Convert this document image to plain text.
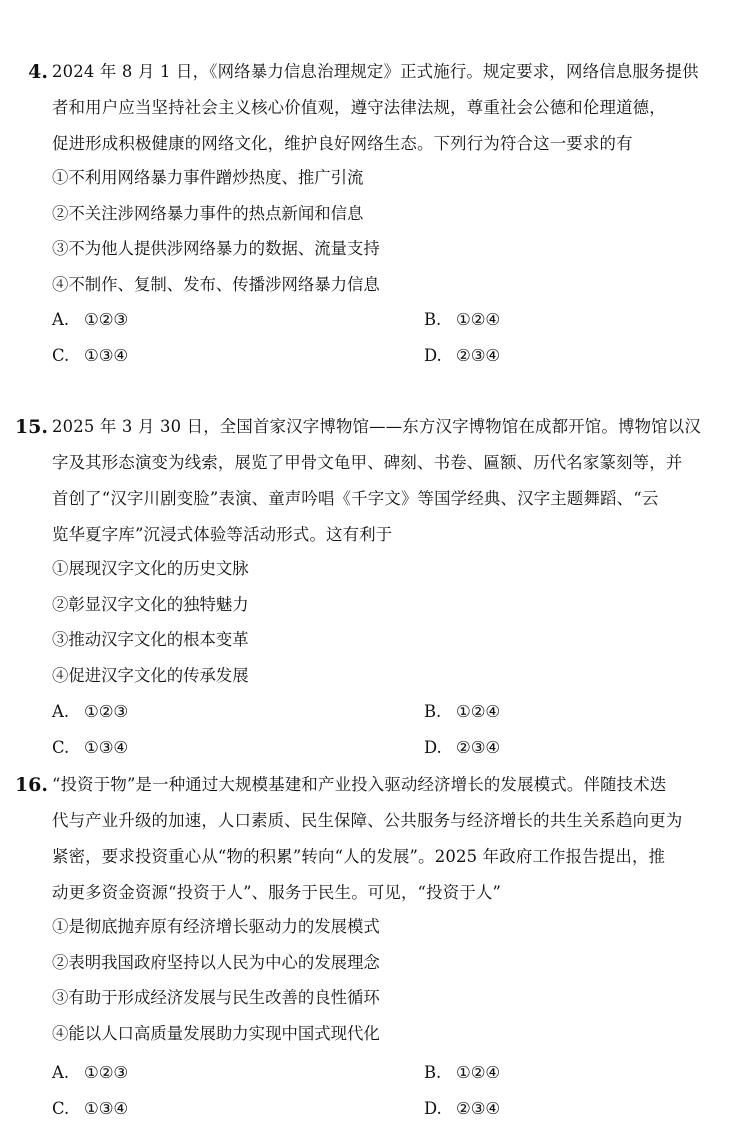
4. 2024 年 8 月 1 日，《网络暴力信息治理规定》正式施行。规定要求，网络信息服务提供
者和用户应当坚持社会主义核心价值观，遵守法律法规，尊重社会公德和伦理道德，
促进形成积极健康的网络文化，维护良好网络生态。下列行为符合这一要求的有
①不利用网络暴力事件蹭炒热度、推广引流
②不关注涉网络暴力事件的热点新闻和信息
③不为他人提供涉网络暴力的数据、流量支持
④不制作、复制、发布、传播涉网络暴力信息
A. ①②③	B. ①②④
C. ①③④	D. ②③④
15. 2025 年 3 月 30 日，全国首家汉字博物馆——东方汉字博物馆在成都开馆。博物馆以汉
字及其形态演变为线索，展览了甲骨文龟甲、碑刻、书卷、匾额、历代名家篆刻等，并
首创了“汉字川剧变脸”表演、童声吟唱《千字文》等国学经典、汉字主题舞蹈、“云
览华夏字库”沉浸式体验等活动形式。这有利于
①展现汉字文化的历史文脉
②彰显汉字文化的独特魅力
③推动汉字文化的根本变革
④促进汉字文化的传承发展
A. ①②③	B. ①②④
C. ①③④	D. ②③④
16. “投资于物”是一种通过大规模基建和产业投入驱动经济增长的发展模式。伴随技术迭
代与产业升级的加速，人口素质、民生保障、公共服务与经济增长的共生关系趋向更为
紧密，要求投资重心从“物的积累”转向“人的发展”。2025 年政府工作报告提出，推
动更多资金资源“投资于人”、服务于民生。可见，“投资于人”
①是彻底抛弃原有经济增长驱动力的发展模式
②表明我国政府坚持以人民为中心的发展理念
③有助于形成经济发展与民生改善的良性循环
④能以人口高质量发展助力实现中国式现代化
A. ①②③	B. ①②④
C. ①③④	D. ②③④
